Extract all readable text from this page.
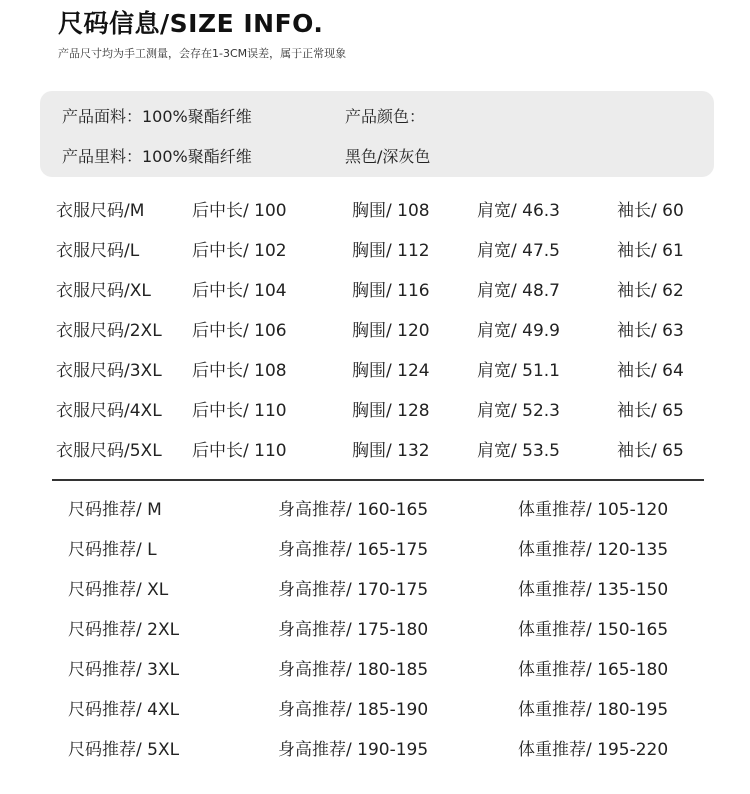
尺码信息/SIZE INFO.
产品尺寸均为手工测量，会存在1-3CM误差，属于正常现象
产品面料：100%聚酯纤维
产品里料：100%聚酯纤维
产品颜色：
黑色/深灰色
衣服尺码/M	后中长/ 100	胸围/ 108	肩宽/ 46.3	袖长/ 60
衣服尺码/L	后中长/ 102	胸围/ 112	肩宽/ 47.5	袖长/ 61
衣服尺码/XL 后中长/ 104	胸围/ 116	肩宽/ 48.7	袖长/ 62
衣服尺码/2XL 后中长/ 106	胸围/ 120	肩宽/ 49.9	袖长/ 63
衣服尺码/3XL 后中长/ 108	胸围/ 124	肩宽/ 51.1	袖长/ 64
衣服尺码/4XL 后中长/ 110	胸围/ 128	肩宽/ 52.3	袖长/ 65
衣服尺码/5XL 后中长/ 110	胸围/ 132	肩宽/ 53.5	袖长/ 65
尺码推荐/ M	身高推荐/ 160-165	体重推荐/ 105-120
尺码推荐/ L	身高推荐/ 165-175	体重推荐/ 120-135
尺码推荐/ XL	身高推荐/ 170-175	体重推荐/ 135-150
尺码推荐/ 2XL	身高推荐/ 175-180	体重推荐/ 150-165
尺码推荐/ 3XL	身高推荐/ 180-185	体重推荐/ 165-180
尺码推荐/ 4XL	身高推荐/ 185-190	体重推荐/ 180-195
尺码推荐/ 5XL	身高推荐/ 190-195	体重推荐/ 195-220
